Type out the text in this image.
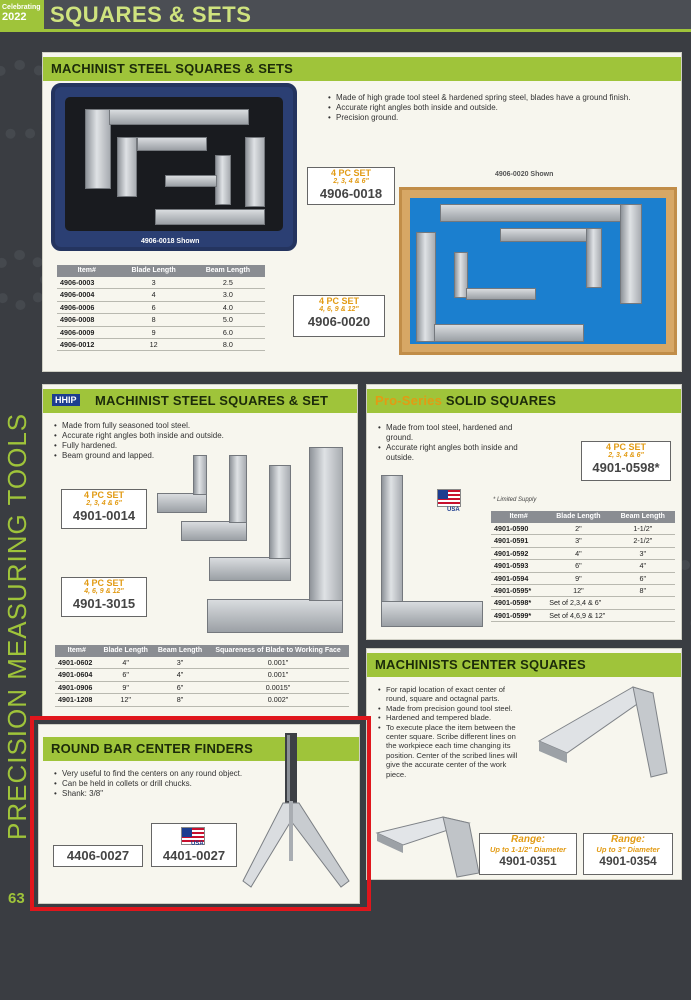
Celebrating
2022	SQUARES & SETS
PRECISION MEASURING TOOLS
63
MACHINIST STEEL SQUARES & SETS
• Made of high grade tool steel & hardened spring steel, blades have a ground finish.
• Accurate right angles both inside and outside.
• Precision ground.
4906-0018 Shown
4 PC SET
2, 3, 4 & 6"
4906-0018
4906-0020 Shown
4 PC SET
4, 6, 9 & 12"
4906-0020
Item#	Blade Length	Beam Length
4906-0003	3	2.5
4906-0004	4	3.0
4906-0006	6	4.0
4906-0008	8	5.0
4906-0009	9	6.0
4906-0012	12	8.0
HHIP	MACHINIST STEEL SQUARES & SET
• Made from fully seasoned tool steel.
• Accurate right angles both inside and outside.
• Fully hardened.
• Beam ground and lapped.
4 PC SET
2, 3, 4 & 6"
4901-0014
4 PC SET
4, 6, 9 & 12"
4901-3015
Item#	Blade Length	Beam Length	Squareness of Blade to Working Face
4901-0602	4"	3"	0.001"
4901-0604	6"	4"	0.001"
4901-0906	9"	6"	0.0015"
4901-1208	12"	8"	0.002"
Pro-Series SOLID SQUARES
• Made from tool steel, hardened and ground.
• Accurate right angles both inside and outside.
4 PC SET
2, 3, 4 & 6"
4901-0598*
USA
* Limited Supply
Item#	Blade Length	Beam Length
4901-0590	2"	1-1/2"
4901-0591	3"	2-1/2"
4901-0592	4"	3"
4901-0593	6"	4"
4901-0594	9"	6"
4901-0595*	12"	8"
4901-0598*	Set of 2,3,4 & 6"	
4901-0599*	Set of 4,6,9 & 12"	
ROUND BAR CENTER FINDERS
• Very useful to find the centers on any round object.
• Can be held in collets or drill chucks.
• Shank: 3/8"
4406-0027	4401-0027
USA
MACHINISTS CENTER SQUARES
• For rapid location of exact center of round, square and octagnal parts.
• Made from precision gound tool steel.
• Hardened and tempered blade.
• To execute place the item between the center square. Scribe different lines on the workpiece each time changing its position. Center of the scribed lines will give the accurate center of the work piece.
Range:
Up to 1-1/2" Diameter
4901-0351
Range:
Up to 3" Diameter
4901-0354
